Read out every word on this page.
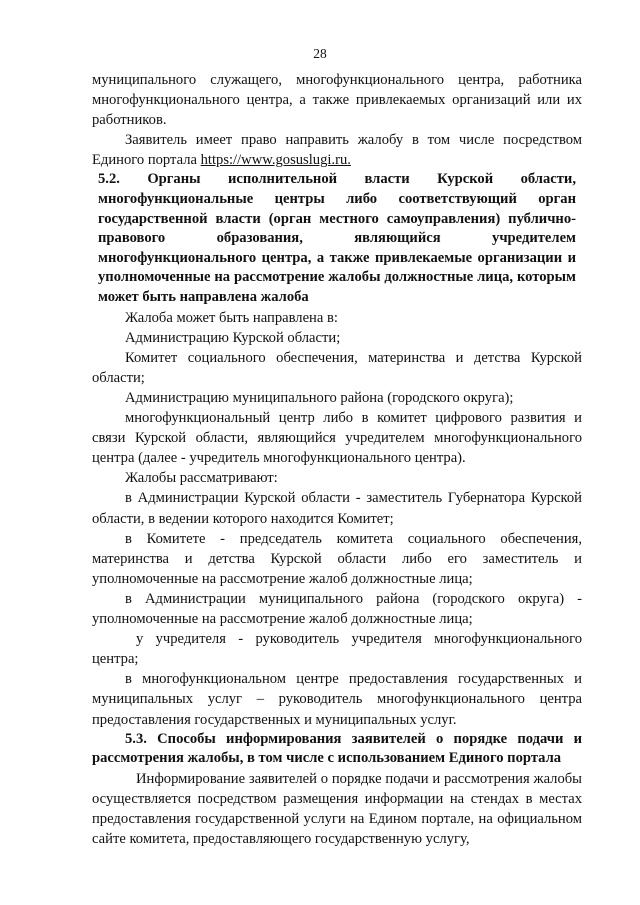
28

муниципального служащего, многофункционального центра, работника многофункционального центра, а также привлекаемых организаций или их работников.

Заявитель имеет право направить жалобу в том числе посредством Единого портала https://www.gosuslugi.ru.

5.2. Органы исполнительной власти Курской области, многофункциональные центры либо соответствующий орган государственной власти (орган местного самоуправления) публично-правового образования, являющийся учредителем многофункционального центра, а также привлекаемые организации и уполномоченные на рассмотрение жалобы должностные лица, которым может быть направлена жалоба

Жалоба может быть направлена в:

Администрацию Курской области;

Комитет социального обеспечения, материнства и детства Курской области;

Администрацию муниципального района (городского округа);

многофункциональный центр либо в комитет цифрового развития и связи Курской области, являющийся учредителем многофункционального центра (далее - учредитель многофункционального центра).

Жалобы рассматривают:

в Администрации Курской области - заместитель Губернатора Курской области, в ведении которого находится Комитет;

в Комитете - председатель комитета социального обеспечения, материнства и детства Курской области либо его заместитель и уполномоченные на рассмотрение жалоб должностные лица;

в Администрации муниципального района (городского округа) - уполномоченные на рассмотрение жалоб должностные лица;

у учредителя - руководитель учредителя многофункционального центра;

в многофункциональном центре предоставления государственных и муниципальных услуг – руководитель многофункционального центра предоставления государственных и муниципальных услуг.

5.3. Способы информирования заявителей о порядке подачи и рассмотрения жалобы, в том числе с использованием Единого портала

Информирование заявителей о порядке подачи и рассмотрения жалобы осуществляется посредством размещения информации на стендах в местах предоставления государственной услуги на Едином портале, на официальном сайте комитета, предоставляющего государственную услугу,
